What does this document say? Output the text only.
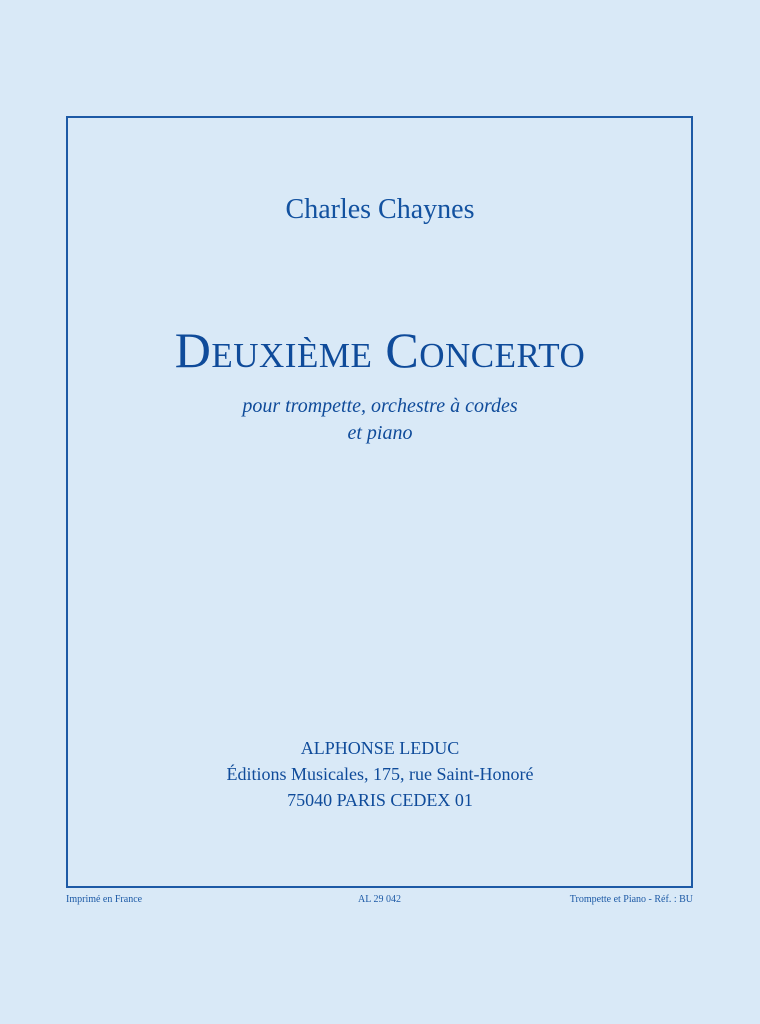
Charles Chaynes
Deuxième Concerto
pour trompette, orchestre à cordes
et piano
ALPHONSE LEDUC
Éditions Musicales, 175, rue Saint-Honoré
75040 PARIS CEDEX 01
Imprimé en France	AL 29 042	Trompette et Piano - Réf. : BU
